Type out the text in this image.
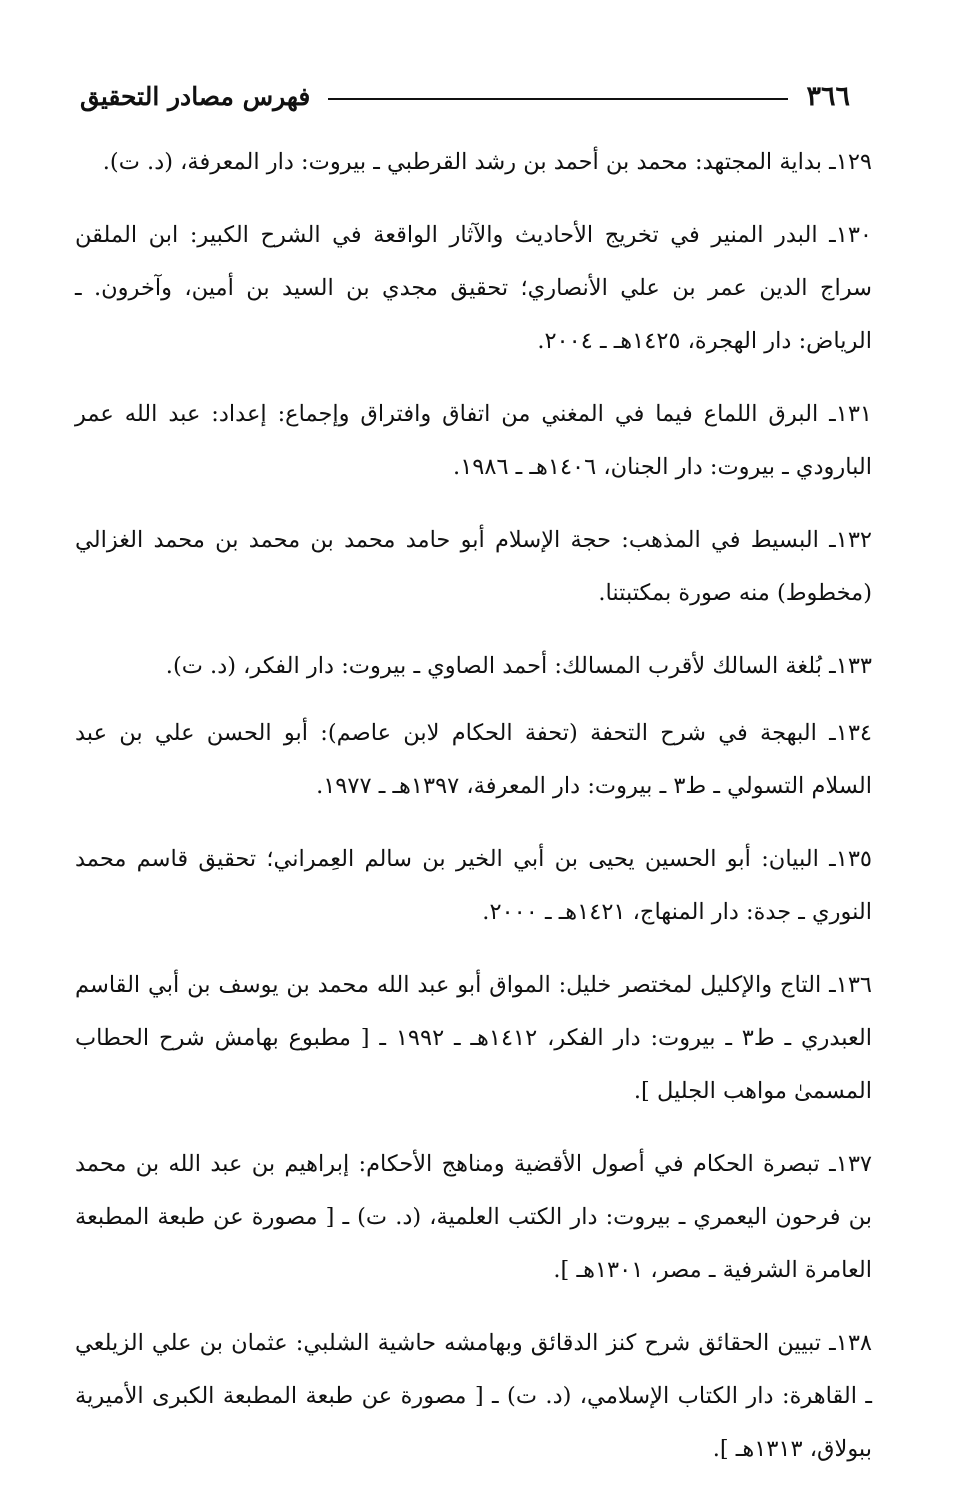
٣٦٦
فهرس مصادر التحقيق

١٢٩ـ بداية المجتهد: محمد بن أحمد بن رشد القرطبي ـ بيروت: دار المعرفة، (د. ت).

١٣٠ـ البدر المنير في تخريج الأحاديث والآثار الواقعة في الشرح الكبير: ابن الملقن سراج الدين عمر بن علي الأنصاري؛ تحقيق مجدي بن السيد بن أمين، وآخرون. ـ الرياض: دار الهجرة، ١٤٢٥هـ ـ ٢٠٠٤.

١٣١ـ البرق اللماع فيما في المغني من اتفاق وافتراق وإجماع: إعداد: عبد الله عمر البارودي ـ بيروت: دار الجنان، ١٤٠٦هـ ـ ١٩٨٦.

١٣٢ـ البسيط في المذهب: حجة الإسلام أبو حامد محمد بن محمد بن محمد الغزالي (مخطوط) منه صورة بمكتبتنا.

١٣٣ـ بُلغة السالك لأقرب المسالك: أحمد الصاوي ـ بيروت: دار الفكر، (د. ت).

١٣٤ـ البهجة في شرح التحفة (تحفة الحكام لابن عاصم): أبو الحسن علي بن عبد السلام التسولي ـ ط٣ ـ بيروت: دار المعرفة، ١٣٩٧هـ ـ ١٩٧٧.

١٣٥ـ البيان: أبو الحسين يحيى بن أبي الخير بن سالم العِمراني؛ تحقيق قاسم محمد النوري ـ جدة: دار المنهاج، ١٤٢١هـ ـ ٢٠٠٠.

١٣٦ـ التاج والإكليل لمختصر خليل: المواق أبو عبد الله محمد بن يوسف بن أبي القاسم العبدري ـ ط٣ ـ بيروت: دار الفكر، ١٤١٢هـ ـ ١٩٩٢ ـ [ مطبوع بهامش شرح الحطاب المسمىٰ مواهب الجليل ].

١٣٧ـ تبصرة الحكام في أصول الأقضية ومناهج الأحكام: إبراهيم بن عبد الله بن محمد بن فرحون اليعمري ـ بيروت: دار الكتب العلمية، (د. ت) ـ [ مصورة عن طبعة المطبعة العامرة الشرفية ـ مصر، ١٣٠١هـ ].

١٣٨ـ تبيين الحقائق شرح كنز الدقائق وبهامشه حاشية الشلبي: عثمان بن علي الزيلعي ـ القاهرة: دار الكتاب الإسلامي، (د. ت) ـ [ مصورة عن طبعة المطبعة الكبرى الأميرية ببولاق، ١٣١٣هـ ].
